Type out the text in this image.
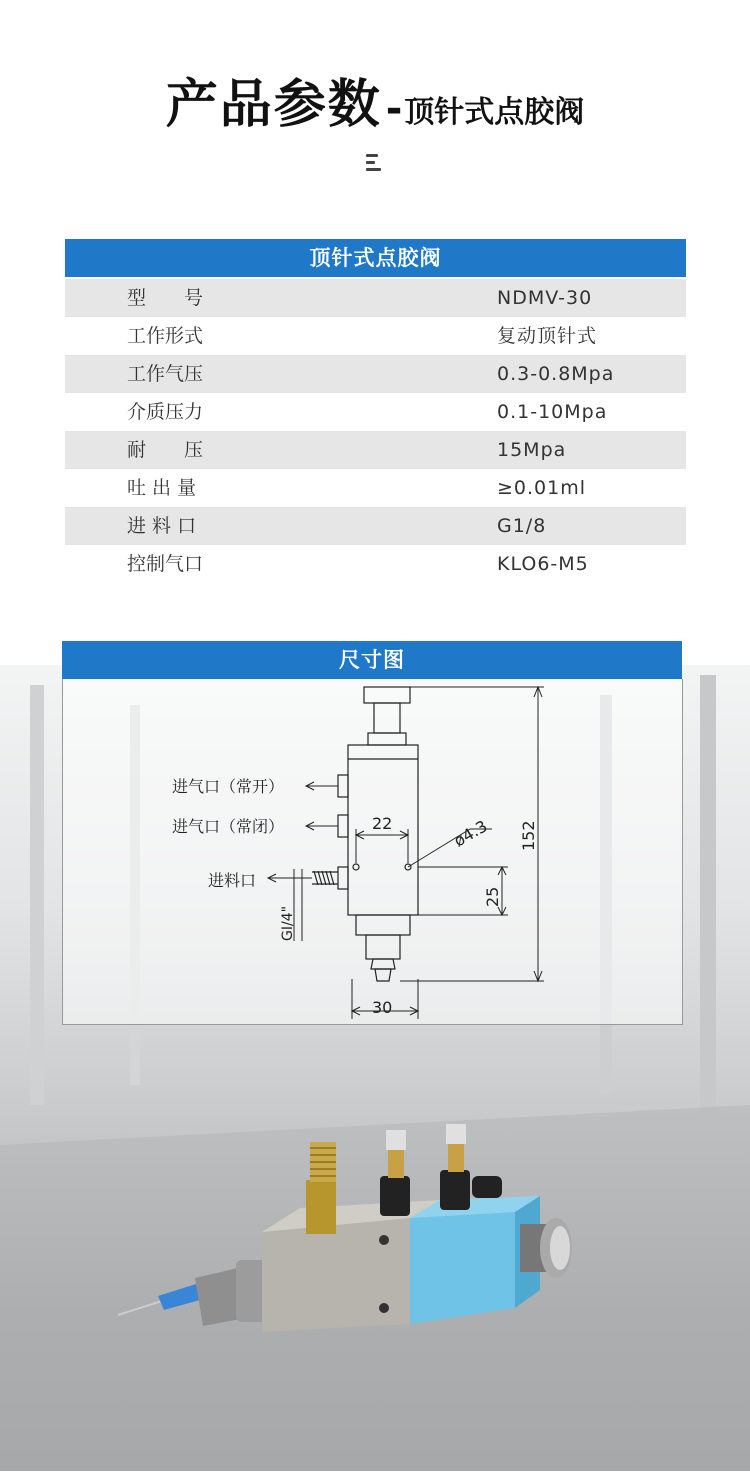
产品参数 -顶针式点胶阀
顶针式点胶阀
型　　号	NDMV-30
工作形式	复动顶针式
工作气压	0.3-0.8Mpa
介质压力	0.1-10Mpa
耐　　压	15Mpa
吐 出 量	≥0.01ml
进 料 口	G1/8
控制气口	KLO6-M5
尺寸图
进气口（常开）
进气口（常闭）
进料口
GI/4"
22	ø4.3 152
25
30
